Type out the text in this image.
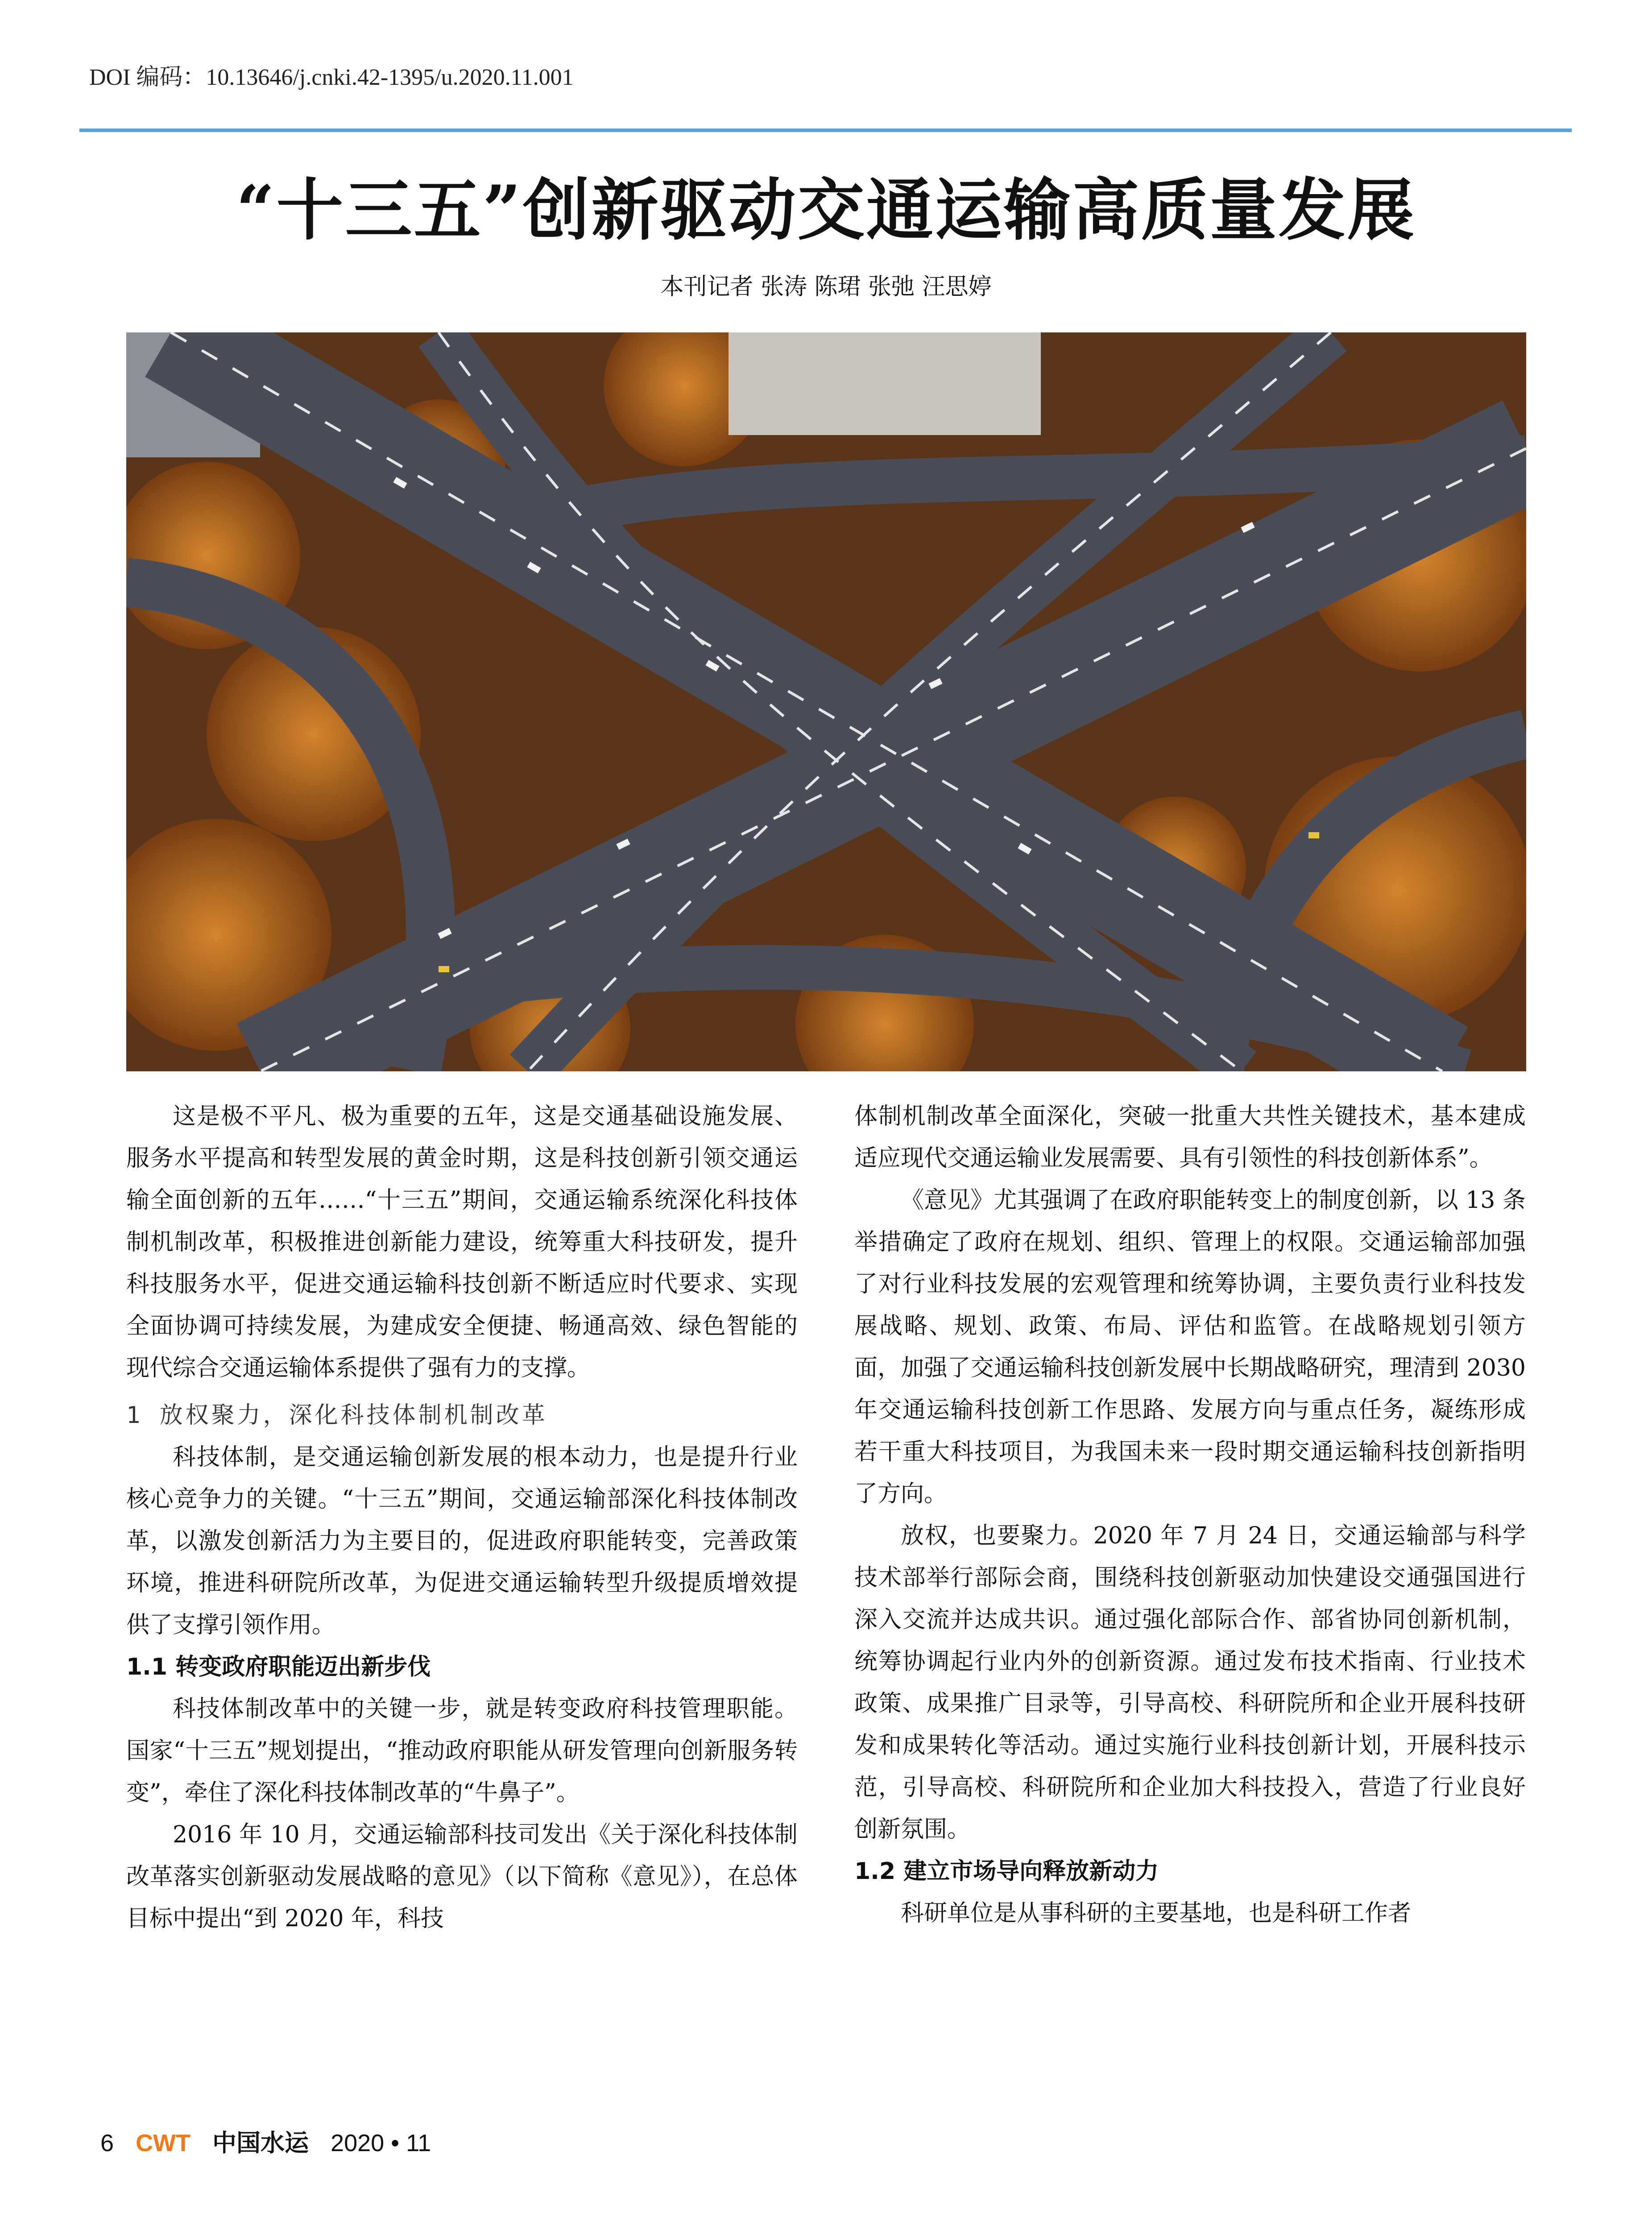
DOI 编码：10.13646/j.cnki.42-1395/u.2020.11.001
“十三五”创新驱动交通运输高质量发展
本刊记者 张涛 陈珺 张弛 汪思婷

这是极不平凡、极为重要的五年，这是交通基础设施发展、服务水平提高和转型发展的黄金时期，这是科技创新引领交通运输全面创新的五年……“十三五”期间，交通运输系统深化科技体制机制改革，积极推进创新能力建设，统筹重大科技研发，提升科技服务水平，促进交通运输科技创新不断适应时代要求、实现全面协调可持续发展，为建成安全便捷、畅通高效、绿色智能的现代综合交通运输体系提供了强有力的支撑。

1 放权聚力，深化科技体制机制改革

科技体制，是交通运输创新发展的根本动力，也是提升行业核心竞争力的关键。“十三五”期间，交通运输部深化科技体制改革，以激发创新活力为主要目的，促进政府职能转变，完善政策环境，推进科研院所改革，为促进交通运输转型升级提质增效提供了支撑引领作用。

1.1 转变政府职能迈出新步伐

科技体制改革中的关键一步，就是转变政府科技管理职能。国家“十三五”规划提出，“推动政府职能从研发管理向创新服务转变”，牵住了深化科技体制改革的“牛鼻子”。

2016 年 10 月，交通运输部科技司发出《关于深化科技体制改革落实创新驱动发展战略的意见》（以下简称《意见》），在总体目标中提出“到 2020 年，科技

体制机制改革全面深化，突破一批重大共性关键技术，基本建成适应现代交通运输业发展需要、具有引领性的科技创新体系”。

《意见》尤其强调了在政府职能转变上的制度创新，以 13 条举措确定了政府在规划、组织、管理上的权限。交通运输部加强了对行业科技发展的宏观管理和统筹协调，主要负责行业科技发展战略、规划、政策、布局、评估和监管。在战略规划引领方面，加强了交通运输科技创新发展中长期战略研究，理清到 2030 年交通运输科技创新工作思路、发展方向与重点任务，凝练形成若干重大科技项目，为我国未来一段时期交通运输科技创新指明了方向。

放权，也要聚力。2020 年 7 月 24 日，交通运输部与科学技术部举行部际会商，围绕科技创新驱动加快建设交通强国进行深入交流并达成共识。通过强化部际合作、部省协同创新机制，统筹协调起行业内外的创新资源。通过发布技术指南、行业技术政策、成果推广目录等，引导高校、科研院所和企业开展科技研发和成果转化等活动。通过实施行业科技创新计划，开展科技示范，引导高校、科研院所和企业加大科技投入，营造了行业良好创新氛围。

1.2 建立市场导向释放新动力

科研单位是从事科研的主要基地，也是科研工作者

6 CWT 中国水运 2020 • 11
